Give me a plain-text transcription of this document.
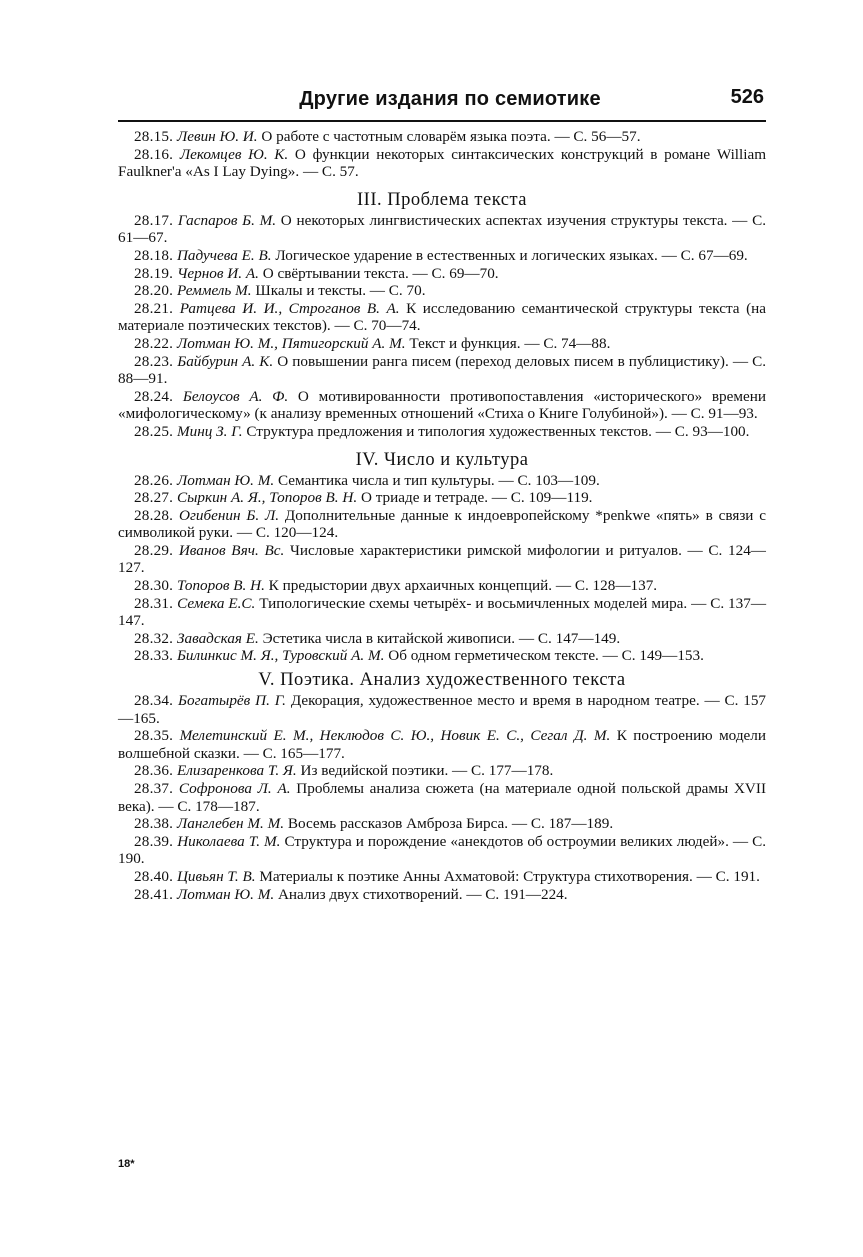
Другие издания по семиотике	526

28.15. Левин Ю. И. О работе с частотным словарём языка поэта. — С. 56—57.

28.16. Лекомцев Ю. К. О функции некоторых синтаксических конструкций в романе William Faulkner'a «As I Lay Dying». — С. 57.

III. Проблема текста

28.17. Гаспаров Б. М. О некоторых лингвистических аспектах изучения структуры текста. — С. 61—67.

28.18. Падучева Е. В. Логическое ударение в естественных и логических языках. — С. 67—69.

28.19. Чернов И. А. О свёртывании текста. — С. 69—70.

28.20. Реммель М. Шкалы и тексты. — С. 70.

28.21. Ратцева И. И., Строганов В. А. К исследованию семантической структуры текста (на материале поэтических текстов). — С. 70—74.

28.22. Лотман Ю. М., Пятигорский А. М. Текст и функция. — С. 74—88.

28.23. Байбурин А. К. О повышении ранга писем (переход деловых писем в публицистику). — С. 88—91.

28.24. Белоусов А. Ф. О мотивированности противопоставления «исторического» времени «мифологическому» (к анализу временных отношений «Стиха о Книге Голубиной»). — С. 91—93.

28.25. Минц З. Г. Структура предложения и типология художественных текстов. — С. 93—100.

IV. Число и культура

28.26. Лотман Ю. М. Семантика числа и тип культуры. — С. 103—109.

28.27. Сыркин А. Я., Топоров В. Н. О триаде и тетраде. — С. 109—119.

28.28. Огибенин Б. Л. Дополнительные данные к индоевропейскому *penkwe «пять» в связи с символикой руки. — С. 120—124.

28.29. Иванов Вяч. Вс. Числовые характеристики римской мифологии и ритуалов. — С. 124—127.

28.30. Топоров В. Н. К предыстории двух архаичных концепций. — С. 128—137.

28.31. Семека Е.С. Типологические схемы четырёх- и восьмичленных моделей мира. — С. 137—147.

28.32. Завадская Е. Эстетика числа в китайской живописи. — С. 147—149.

28.33. Билинкис М. Я., Туровский А. М. Об одном герметическом тексте. — С. 149—153.

V. Поэтика. Анализ художественного текста

28.34. Богатырёв П. Г. Декорация, художественное место и время в народном театре. — С. 157—165.

28.35. Мелетинский Е. М., Неклюдов С. Ю., Новик Е. С., Сегал Д. М. К построению модели волшебной сказки. — С. 165—177.

28.36. Елизаренкова Т. Я. Из ведийской поэтики. — С. 177—178.

28.37. Софронова Л. А. Проблемы анализа сюжета (на материале одной польской драмы XVII века). — С. 178—187.

28.38. Ланглебен М. М. Восемь рассказов Амброза Бирса. — С. 187—189.

28.39. Николаева Т. М. Структура и порождение «анекдотов об остроумии великих людей». — С. 190.

28.40. Цивьян Т. В. Материалы к поэтике Анны Ахматовой: Структура стихотворения. — С. 191.

28.41. Лотман Ю. М. Анализ двух стихотворений. — С. 191—224.

18*
